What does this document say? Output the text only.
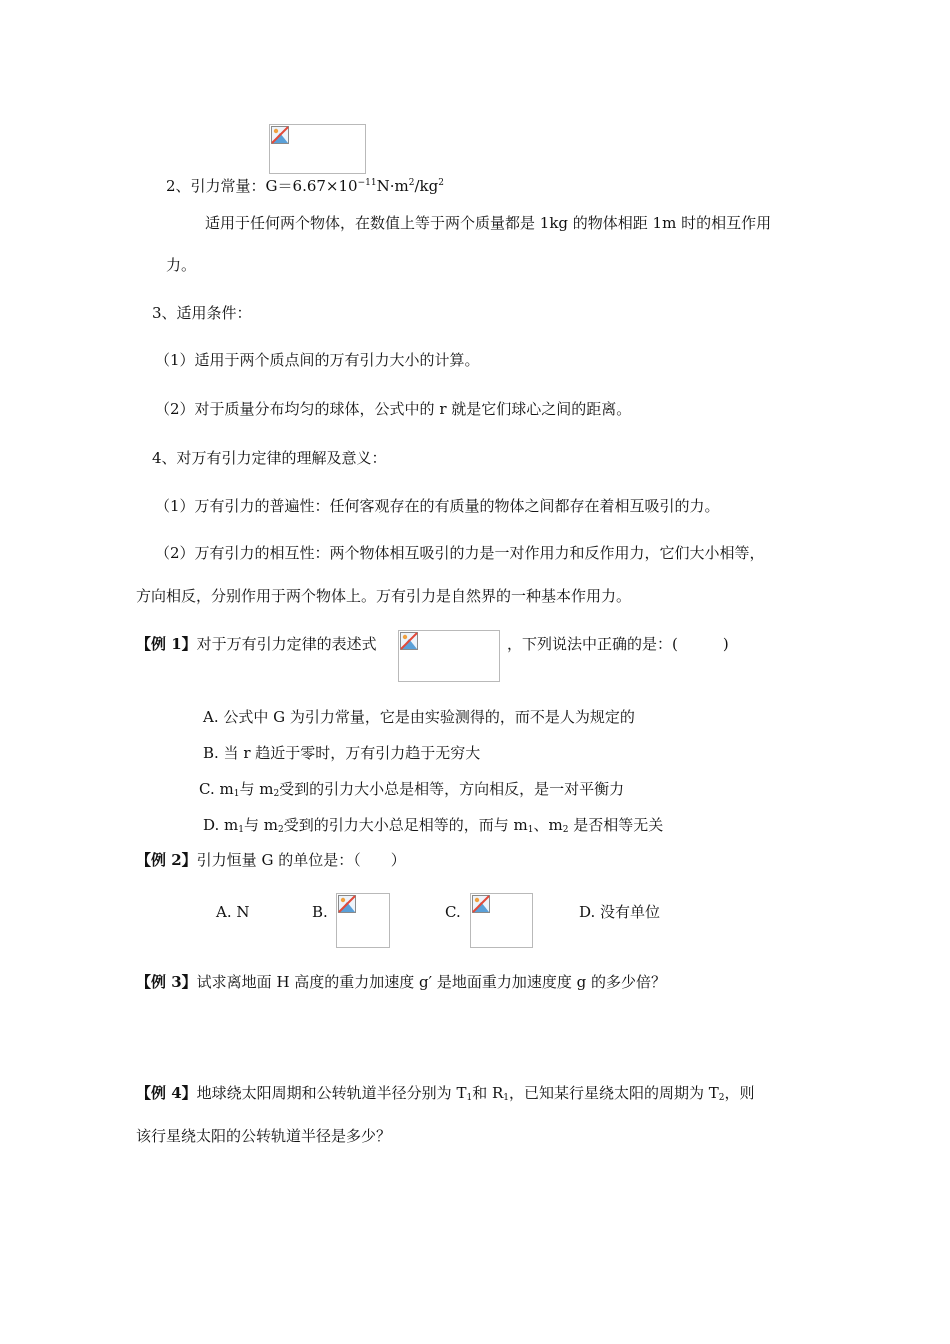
2、引力常量：$G=6.67\times 10^{-11}N\cdot m^2/kg^2$
适用于任何两个物体，在数值上等于两个质量都是 1kg 的物体相距 1m 时的相互作用
力。
3、适用条件：
（1）适用于两个质点间的万有引力大小的计算。
（2）对于质量分布均匀的球体，公式中的 r 就是它们球心之间的距离。
4、对万有引力定律的理解及意义：
（1）万有引力的普遍性：任何客观存在的有质量的物体之间都存在着相互吸引的力。
（2）万有引力的相互性：两个物体相互吸引的力是一对作用力和反作用力，它们大小相等，
方向相反，分别作用于两个物体上。万有引力是自然界的一种基本作用力。
【例 1】对于万有引力定律的表述式	，下列说法中正确的是：(　　　)
A. 公式中 G 为引力常量，它是由实验测得的，而不是人为规定的
B. 当 r 趋近于零时，万有引力趋于无穷大
C. $m_1$与 $m_2$受到的引力大小总是相等，方向相反，是一对平衡力
D. $m_1$与 $m_2$受到的引力大小总足相等的，而与 $m_1$、$m_2$ 是否相等无关
【例 2】引力恒量 G 的单位是：（　　）
A. N	B.	C.	D. 没有单位
【例 3】试求离地面 H 高度的重力加速度 g′ 是地面重力加速度度 g 的多少倍？
【例 4】地球绕太阳周期和公转轨道半径分别为 $T_1$和 $R_1$，已知某行星绕太阳的周期为 $T_2$，则
该行星绕太阳的公转轨道半径是多少？
